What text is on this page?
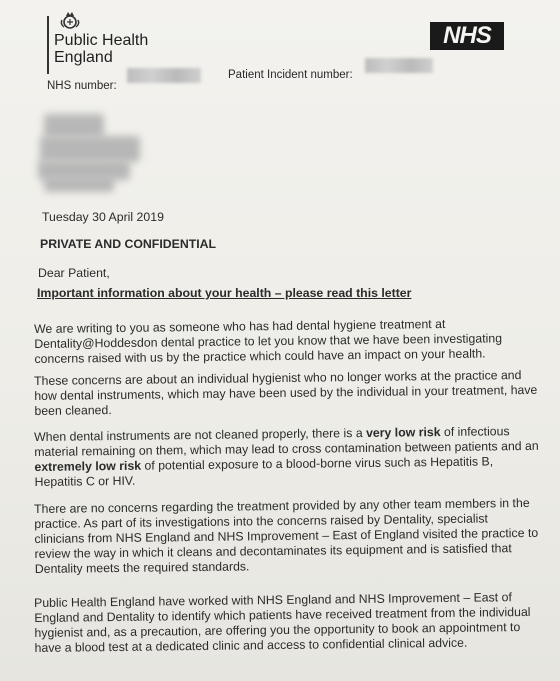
Public Health
England
NHS
NHS number:
Patient Incident number:
Tuesday 30 April 2019
PRIVATE AND CONFIDENTIAL
Dear Patient,
Important information about your health – please read this letter
We are writing to you as someone who has had dental hygiene treatment at Dentality@Hoddesdon dental practice to let you know that we have been investigating concerns raised with us by the practice which could have an impact on your health.
These concerns are about an individual hygienist who no longer works at the practice and how dental instruments, which may have been used by the individual in your treatment, have been cleaned.
When dental instruments are not cleaned properly, there is a very low risk of infectious material remaining on them, which may lead to cross contamination between patients and an extremely low risk of potential exposure to a blood-borne virus such as Hepatitis B, Hepatitis C or HIV.
There are no concerns regarding the treatment provided by any other team members in the practice. As part of its investigations into the concerns raised by Dentality, specialist clinicians from NHS England and NHS Improvement – East of England visited the practice to review the way in which it cleans and decontaminates its equipment and is satisfied that Dentality meets the required standards.
Public Health England have worked with NHS England and NHS Improvement – East of England and Dentality to identify which patients have received treatment from the individual hygienist and, as a precaution, are offering you the opportunity to book an appointment to have a blood test at a dedicated clinic and access to confidential clinical advice.
